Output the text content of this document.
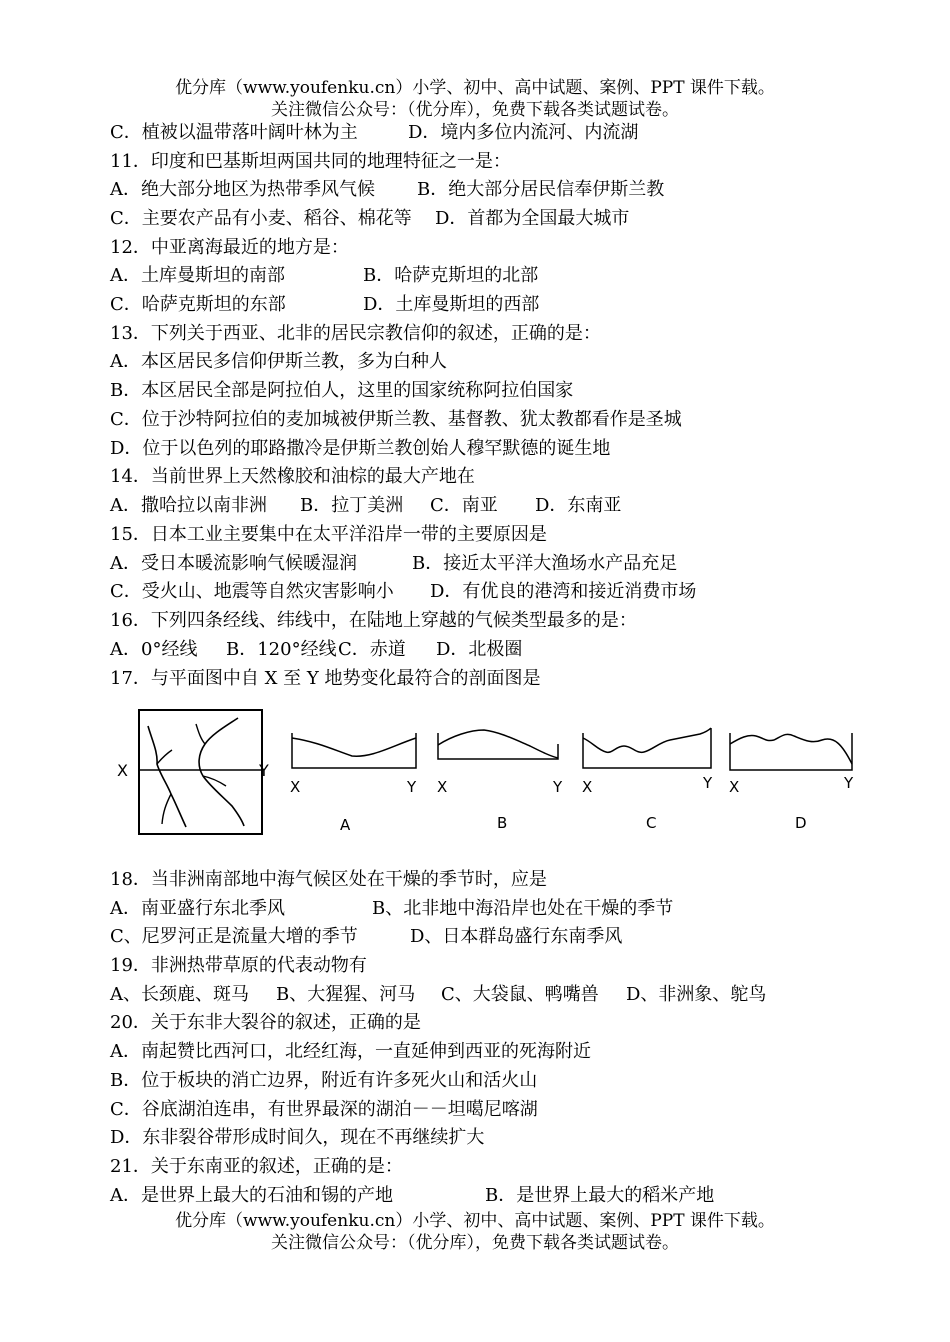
优分库（www.youfenku.cn）小学、初中、高中试题、案例、PPT 课件下载。
关注微信公众号：（优分库），免费下载各类试题试卷。
C．植被以温带落叶阔叶林为主	D．境内多位内流河、内流湖
11．印度和巴基斯坦两国共同的地理特征之一是：
A．绝大部分地区为热带季风气候 B．绝大部分居民信奉伊斯兰教
C．主要农产品有小麦、稻谷、棉花等 D．首都为全国最大城市
12．中亚离海最近的地方是：
A．土库曼斯坦的南部	B．哈萨克斯坦的北部
C．哈萨克斯坦的东部	D．土库曼斯坦的西部
13．下列关于西亚、北非的居民宗教信仰的叙述，正确的是：
A．本区居民多信仰伊斯兰教，多为白种人
B．本区居民全部是阿拉伯人，这里的国家统称阿拉伯国家
C．位于沙特阿拉伯的麦加城被伊斯兰教、基督教、犹太教都看作是圣城
D．位于以色列的耶路撒冷是伊斯兰教创始人穆罕默德的诞生地
14．当前世界上天然橡胶和油棕的最大产地在
A．撒哈拉以南非洲 B．拉丁美洲 C．南亚 D．东南亚
15．日本工业主要集中在太平洋沿岸一带的主要原因是
A．受日本暖流影响气候暖湿润	B．接近太平洋大渔场水产品充足
C．受火山、地震等自然灾害影响小 D．有优良的港湾和接近消费市场
16．下列四条经线、纬线中，在陆地上穿越的气候类型最多的是：
A．0°经线 B．120°经线 C．赤道 D．北极圈
17．与平面图中自 X 至 Y 地势变化最符合的剖面图是
X	Y
X	Y
A
X	Y
B
X	Y
C
X	Y
D
18．当非洲南部地中海气候区处在干燥的季节时，应是
A．南亚盛行东北季风	B、北非地中海沿岸也处在干燥的季节
C、尼罗河正是流量大增的季节	D、日本群岛盛行东南季风
19．非洲热带草原的代表动物有
A、长颈鹿、斑马 B、大猩猩、河马 C、大袋鼠、鸭嘴兽 D、非洲象、鸵鸟
20．关于东非大裂谷的叙述，正确的是
A．南起赞比西河口，北经红海，一直延伸到西亚的死海附近
B．位于板块的消亡边界，附近有许多死火山和活火山
C．谷底湖泊连串，有世界最深的湖泊－－坦噶尼喀湖
D．东非裂谷带形成时间久，现在不再继续扩大
21．关于东南亚的叙述，正确的是：
A．是世界上最大的石油和锡的产地	B．是世界上最大的稻米产地
优分库（www.youfenku.cn）小学、初中、高中试题、案例、PPT 课件下载。
关注微信公众号：（优分库），免费下载各类试题试卷。
